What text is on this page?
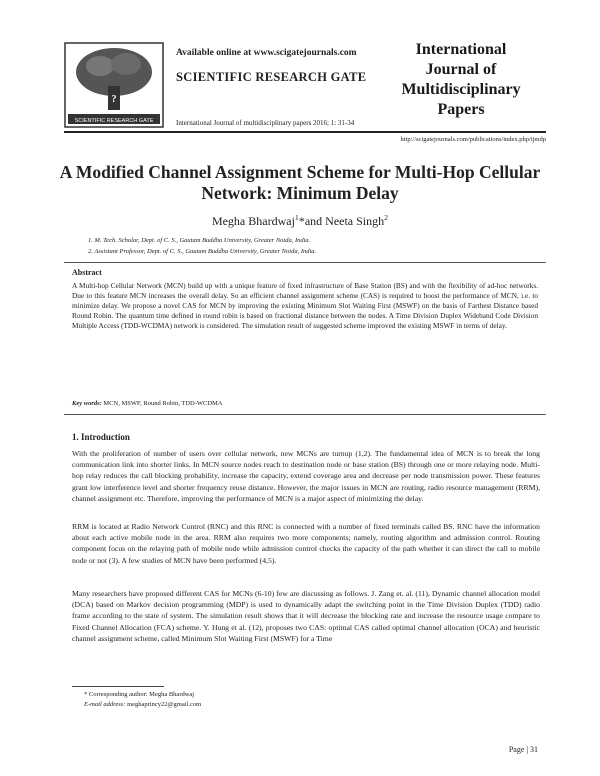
?
SCIENTIFIC RESEARCH GATE
Available online at www.scigatejournals.com
SCIENTIFIC RESEARCH GATE
International Journal of multidisciplinary papers 2016; 1: 31-34
International Journal of Multidisciplinary Papers
http://scigatejournals.com/publications/index.php/ijmdp
A Modified Channel Assignment Scheme for Multi-Hop Cellular Network: Minimum Delay
Megha Bhardwaj$^1$*and Neeta Singh$^2$
1. M. Tech. Scholar, Dept. of C. S., Gautam Buddha University, Greater Noida, India.
2. Assistant Professor, Dept. of C. S., Gautam Buddha University, Greater Noida, India.
Abstract
A Multi-hop Cellular Network (MCN) build up with a unique feature of fixed infrastructure of Base Station (BS) and with the flexibility of ad-hoc networks. Due to this feature MCN increases the overall delay. So an efficient channel assignment scheme (CAS) is required to boost the performance of MCN, i.e. to minimize delay. We propose a novel CAS for MCN by improving the existing Minimum Slot Waiting First (MSWF) on the basis of Farthest Distance based Round Robin. The quantum time defined in round robin is based on fractional distance between the nodes. A Time Division Duplex Wideband Code Division Multiple Access (TDD-WCDMA) network is considered. The simulation result of suggested scheme improved the existing MSWF in terms of delay.
Key words: MCN, MSWF, Round Robin, TDD-WCDMA
1. Introduction
With the proliferation of number of users over cellular network, new MCNs are turnup (1,2). The fundamental idea of MCN is to break the long communication link into shorter links. In MCN source nodes reach to destination node or base station (BS) through one or more relaying node. Multi-hop relay reduces the call blocking probability, increase the capacity, extend coverage area and decrease per node transmission power. These features grant low interference level and shorter frequency reuse distance. However, the major issues in MCN are routing, radio resource management (RRM), channel assignment etc. Therefore, improving the performance of MCN is a major aspect of minimizing the delay.
RRM is located at Radio Network Control (RNC) and this RNC is connected with a number of fixed terminals called BS. RNC have the information about each active mobile node in the area. RRM also requires two more components; namely, routing algorithm and admission control. Routing component focus on the relaying path of mobile node while admission control checks the capacity of the path whether it can direct the call to mobile node or not (3). A few studies of MCN have been performed (4,5).
Many researchers have proposed different CAS for MCNs (6-10) few are discussing as follows. J. Zang et. al. (11), Dynamic channel allocation model (DCA) based on Markov decision programming (MDP) is used to dynamically adapt the switching point in the Time Division Duplex (TDD) radio frame according to the state of system. The simulation result shows that it will decrease the blocking rate and increase the resource usage compare to Fixed Channel Allocation (FCA) scheme. Y. Hung et al. (12), proposes two CAS: optimal CAS called optimal channel allocation (OCA) and heuristic channel assignment scheme, called Minimum Slot Waiting First (MSWF) for a Time
* Corresponding author: Megha Bhardwaj
E-mail address: meghaprincy22@gmail.com
Page | 31
